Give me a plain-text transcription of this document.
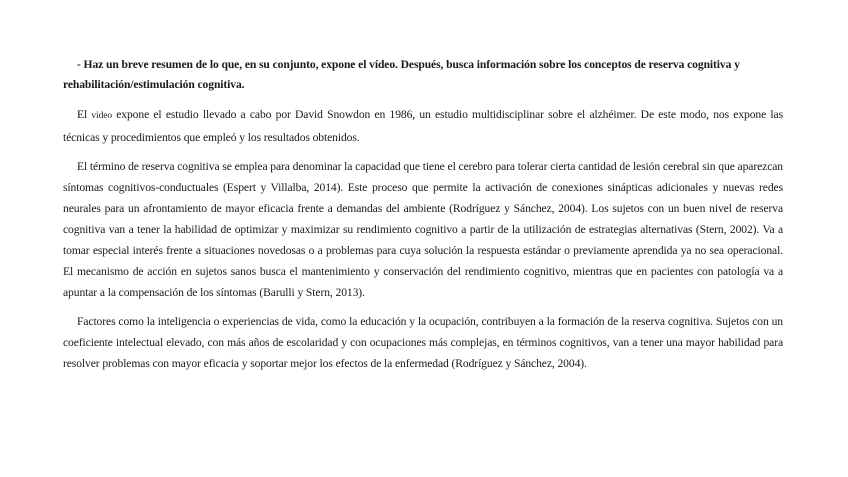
- Haz un breve resumen de lo que, en su conjunto, expone el vídeo. Después, busca información sobre los conceptos de reserva cognitiva y rehabilitación/estimulación cognitiva.

El video expone el estudio llevado a cabo por David Snowdon en 1986, un estudio multidisciplinar sobre el alzhéimer. De este modo, nos expone las técnicas y procedimientos que empleó y los resultados obtenidos.

El término de reserva cognitiva se emplea para denominar la capacidad que tiene el cerebro para tolerar cierta cantidad de lesión cerebral sin que aparezcan síntomas cognitivos-conductuales (Espert y Villalba, 2014). Este proceso que permite la activación de conexiones sinápticas adicionales y nuevas redes neurales para un afrontamiento de mayor eficacia frente a demandas del ambiente (Rodríguez y Sánchez, 2004). Los sujetos con un buen nivel de reserva cognitiva van a tener la habilidad de optimizar y maximizar su rendimiento cognitivo a partir de la utilización de estrategias alternativas (Stern, 2002). Va a tomar especial interés frente a situaciones novedosas o a problemas para cuya solución la respuesta estándar o previamente aprendida ya no sea operacional. El mecanismo de acción en sujetos sanos busca el mantenimiento y conservación del rendimiento cognitivo, mientras que en pacientes con patología va a apuntar a la compensación de los síntomas (Barulli y Stern, 2013).

Factores como la inteligencia o experiencias de vida, como la educación y la ocupación, contribuyen a la formación de la reserva cognitiva. Sujetos con un coeficiente intelectual elevado, con más años de escolaridad y con ocupaciones más complejas, en términos cognitivos, van a tener una mayor habilidad para resolver problemas con mayor eficacia y soportar mejor los efectos de la enfermedad (Rodríguez y Sánchez, 2004).
